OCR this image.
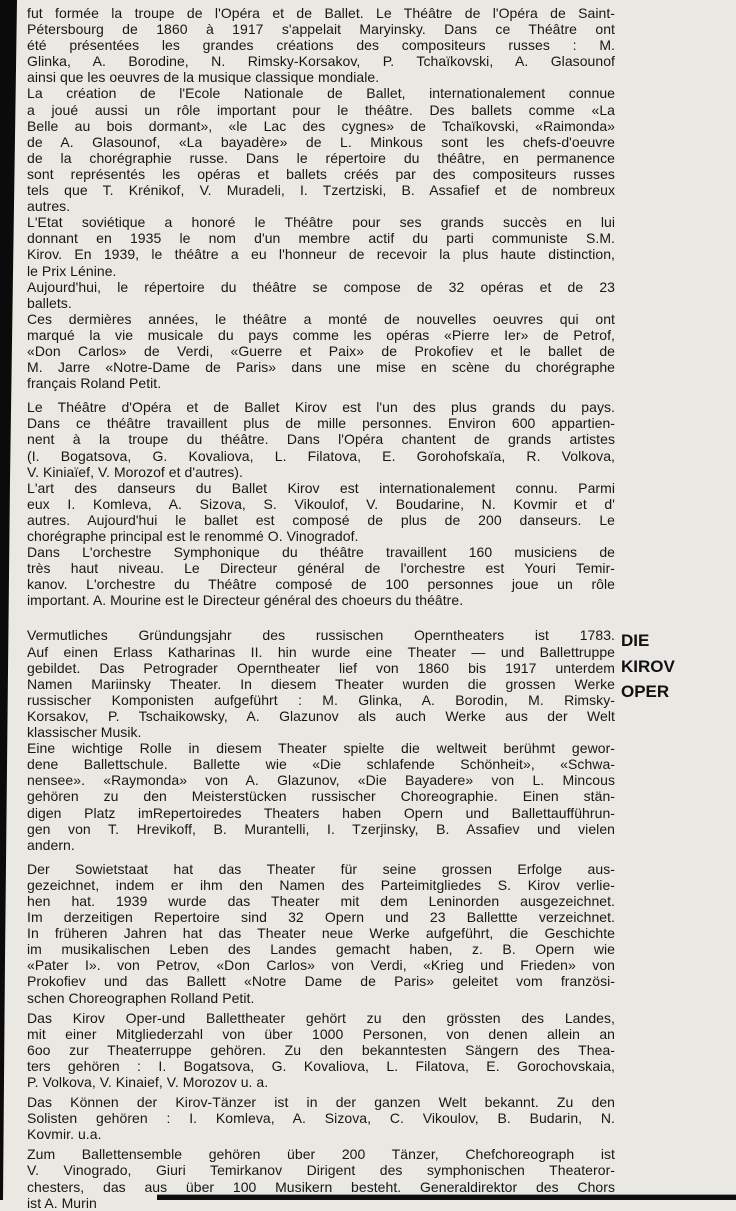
fut formée la troupe de l'Opéra et de Ballet. Le Théâtre de l'Opéra de Saint-
Pétersbourg de 1860 à 1917 s'appelait Maryinsky. Dans ce Théâtre ont
été présentées les grandes créations des compositeurs russes : M.
Glinka, A. Borodine, N. Rimsky-Korsakov, P. Tchaïkovski, A. Glasounof
ainsi que les oeuvres de la musique classique mondiale.
La création de l'Ecole Nationale de Ballet, internationalement connue
a joué aussi un rôle important pour le théâtre. Des ballets comme «La
Belle au bois dormant», «le Lac des cygnes» de Tchaïkovski, «Raimonda»
de A. Glasounof, «La bayadère» de L. Minkous sont les chefs-d'oeuvre
de la chorégraphie russe. Dans le répertoire du théâtre, en permanence
sont représentés les opéras et ballets créés par des compositeurs russes
tels que T. Krénikof, V. Muradeli, I. Tzertziski, B. Assafief et de nombreux
autres.
L'Etat soviétique a honoré le Théâtre pour ses grands succès en lui
donnant en 1935 le nom d'un membre actif du parti communiste S.M.
Kirov. En 1939, le théâtre a eu l'honneur de recevoir la plus haute distinction,
le Prix Lénine.
Aujourd'hui, le répertoire du théâtre se compose de 32 opéras et de 23
ballets.
Ces dermières années, le théâtre a monté de nouvelles oeuvres qui ont
marqué la vie musicale du pays comme les opéras «Pierre Ier» de Petrof,
«Don Carlos» de Verdi, «Guerre et Paix» de Prokofiev et le ballet de
M. Jarre «Notre-Dame de Paris» dans une mise en scène du chorégraphe
français Roland Petit.
Le Théâtre d'Opéra et de Ballet Kirov est l'un des plus grands du pays.
Dans ce théâtre travaillent plus de mille personnes. Environ 600 appartien-
nent à la troupe du théâtre. Dans l'Opéra chantent de grands artistes
(I. Bogatsova, G. Kovaliova, L. Filatova, E. Gorohofskaïa, R. Volkova,
V. Kiniaïef, V. Morozof et d'autres).
L'art des danseurs du Ballet Kirov est internationalement connu. Parmi
eux I. Komleva, A. Sizova, S. Vikoulof, V. Boudarine, N. Kovmir et d'
autres. Aujourd'hui le ballet est composé de plus de 200 danseurs. Le
chorégraphe principal est le renommé O. Vinogradof.
Dans L'orchestre Symphonique du théâtre travaillent 160 musiciens de
très haut niveau. Le Directeur général de l'orchestre est Youri Temir-
kanov. L'orchestre du Théâtre composé de 100 personnes joue un rôle
important. A. Mourine est le Directeur général des choeurs du théâtre.
Vermutliches Gründungsjahr des russischen Operntheaters ist 1783.
Auf einen Erlass Katharinas II. hin wurde eine Theater — und Ballettruppe
gebildet. Das Petrograder Operntheater lief von 1860 bis 1917 unterdem
Namen Mariinsky Theater. In diesem Theater wurden die grossen Werke
russischer Komponisten aufgeführt : M. Glinka, A. Borodin, M. Rimsky-
Korsakov, P. Tschaikowsky, A. Glazunov als auch Werke aus der Welt
klassischer Musik.
Eine wichtige Rolle in diesem Theater spielte die weltweit berühmt gewor-
dene Ballettschule. Ballette wie «Die schlafende Schönheit», «Schwa-
nensee». «Raymonda» von A. Glazunov, «Die Bayadere» von L. Mincous
gehören zu den Meisterstücken russischer Choreographie. Einen stän-
digen Platz imRepertoiredes Theaters haben Opern und Ballettaufführun-
gen von T. Hrevikoff, B. Murantelli, I. Tzerjinsky, B. Assafiev und vielen
andern.
Der Sowietstaat hat das Theater für seine grossen Erfolge aus-
gezeichnet, indem er ihm den Namen des Parteimitgliedes S. Kirov verlie-
hen hat. 1939 wurde das Theater mit dem Leninorden ausgezeichnet.
Im derzeitigen Repertoire sind 32 Opern und 23 Ballettte verzeichnet.
In früheren Jahren hat das Theater neue Werke aufgeführt, die Geschichte
im musikalischen Leben des Landes gemacht haben, z. B. Opern wie
«Pater I». von Petrov, «Don Carlos» von Verdi, «Krieg und Frieden» von
Prokofiev und das Ballett «Notre Dame de Paris» geleitet vom französi-
schen Choreographen Rolland Petit.
Das Kirov Oper-und Ballettheater gehört zu den grössten des Landes,
mit einer Mitgliederzahl von über 1000 Personen, von denen allein an
6oo zur Theaterruppe gehören. Zu den bekanntesten Sängern des Thea-
ters gehören : I. Bogatsova, G. Kovaliova, L. Filatova, E. Gorochovskaia,
P. Volkova, V. Kinaief, V. Morozov u. a.
Das Können der Kirov-Tänzer ist in der ganzen Welt bekannt. Zu den
Solisten gehören : I. Komleva, A. Sizova, C. Vikoulov, B. Budarin, N.
Kovmir. u.a.
Zum Ballettensemble gehören über 200 Tänzer, Chefchoreograph ist
V. Vinogrado, Giuri Temirkanov Dirigent des symphonischen Theateror-
chesters, das aus über 100 Musikern besteht. Generaldirektor des Chors
ist A. Murin
DIE
KIROV
OPER
